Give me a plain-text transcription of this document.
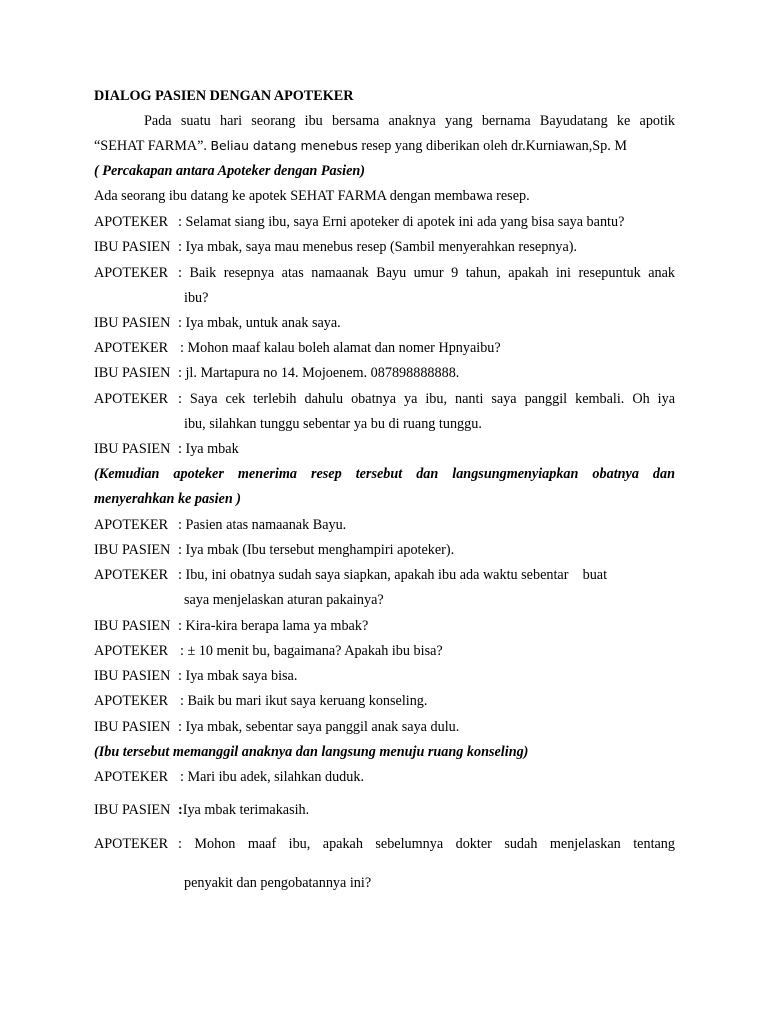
DIALOG PASIEN DENGAN APOTEKER
Pada suatu hari seorang ibu bersama anaknya yang bernama Bayudatang ke apotik
“SEHAT FARMA”. Beliau datang menebus resep yang diberikan oleh dr.Kurniawan,Sp. M
( Percakapan antara Apoteker dengan Pasien)
Ada seorang ibu datang ke apotek SEHAT FARMA dengan membawa resep.
APOTEKER : Selamat siang ibu, saya Erni apoteker di apotek ini ada yang bisa saya bantu?
IBU PASIEN : Iya mbak, saya mau menebus resep (Sambil menyerahkan resepnya).
APOTEKER : Baik resepnya atas namaanak Bayu umur 9 tahun, apakah ini resepuntuk anak
ibu?
IBU PASIEN : Iya mbak, untuk anak saya.
APOTEKER : Mohon maaf kalau boleh alamat dan nomer Hpnyaibu?
IBU PASIEN : jl. Martapura no 14. Mojoenem. 087898888888.
APOTEKER : Saya cek terlebih dahulu obatnya ya ibu, nanti saya panggil kembali. Oh iya
ibu, silahkan tunggu sebentar ya bu di ruang tunggu.
IBU PASIEN : Iya mbak
(Kemudian apoteker menerima resep tersebut dan langsungmenyiapkan obatnya dan
menyerahkan ke pasien )
APOTEKER : Pasien atas namaanak Bayu.
IBU PASIEN : Iya mbak (Ibu tersebut menghampiri apoteker).
APOTEKER : Ibu, ini obatnya sudah saya siapkan, apakah ibu ada waktu sebentar    buat
saya menjelaskan aturan pakainya?
IBU PASIEN : Kira-kira berapa lama ya mbak?
APOTEKER : ± 10 menit bu, bagaimana? Apakah ibu bisa?
IBU PASIEN : Iya mbak saya bisa.
APOTEKER : Baik bu mari ikut saya keruang konseling.
IBU PASIEN : Iya mbak, sebentar saya panggil anak saya dulu.
(Ibu tersebut memanggil anaknya dan langsung menuju ruang konseling)
APOTEKER : Mari ibu adek, silahkan duduk.
IBU PASIEN :Iya mbak terimakasih.
APOTEKER : Mohon maaf ibu, apakah sebelumnya dokter sudah menjelaskan tentang
penyakit dan pengobatannya ini?
